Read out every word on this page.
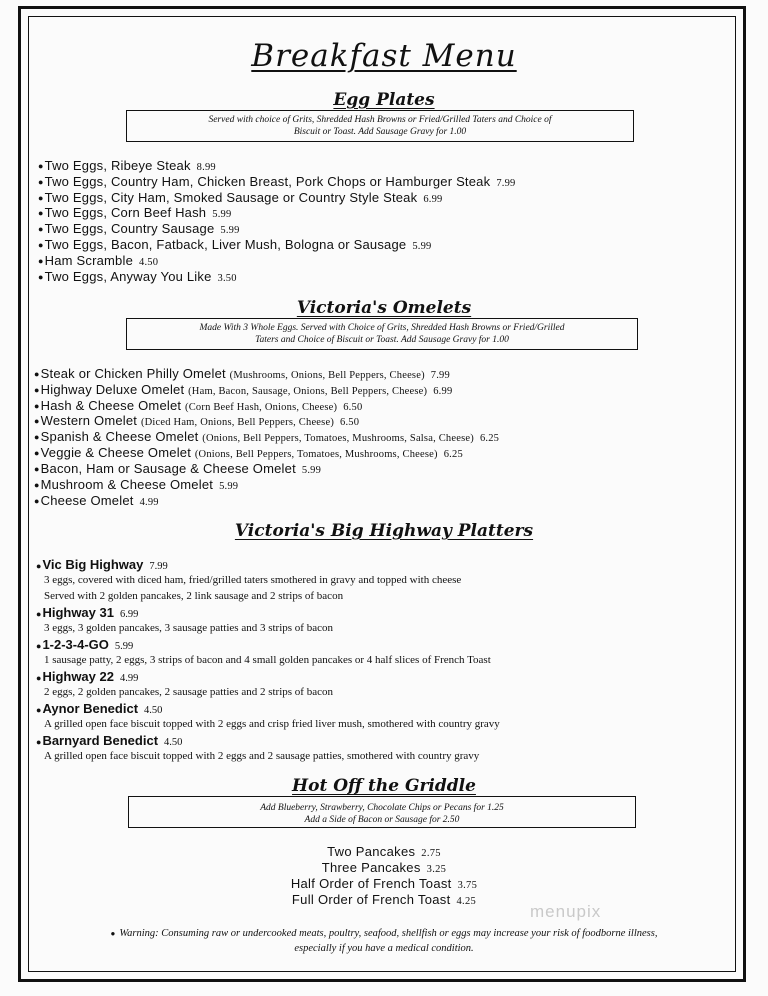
Breakfast Menu
Egg Plates
Served with choice of Grits, Shredded Hash Browns or Fried/Grilled Taters and Choice of
Biscuit or Toast. Add Sausage Gravy for 1.00
●Two Eggs, Ribeye Steak 8.99
●Two Eggs, Country Ham, Chicken Breast, Pork Chops or Hamburger Steak 7.99
●Two Eggs, City Ham, Smoked Sausage or Country Style Steak 6.99
●Two Eggs, Corn Beef Hash 5.99
●Two Eggs, Country Sausage 5.99
●Two Eggs, Bacon, Fatback, Liver Mush, Bologna or Sausage 5.99
●Ham Scramble 4.50
●Two Eggs, Anyway You Like 3.50
Victoria's Omelets
Made With 3 Whole Eggs. Served with Choice of Grits, Shredded Hash Browns or Fried/Grilled
Taters and Choice of Biscuit or Toast. Add Sausage Gravy for 1.00
●Steak or Chicken Philly Omelet (Mushrooms, Onions, Bell Peppers, Cheese) 7.99
●Highway Deluxe Omelet (Ham, Bacon, Sausage, Onions, Bell Peppers, Cheese) 6.99
●Hash & Cheese Omelet (Corn Beef Hash, Onions, Cheese) 6.50
●Western Omelet (Diced Ham, Onions, Bell Peppers, Cheese) 6.50
●Spanish & Cheese Omelet (Onions, Bell Peppers, Tomatoes, Mushrooms, Salsa, Cheese) 6.25
●Veggie & Cheese Omelet (Onions, Bell Peppers, Tomatoes, Mushrooms, Cheese) 6.25
●Bacon, Ham or Sausage & Cheese Omelet 5.99
●Mushroom & Cheese Omelet 5.99
●Cheese Omelet 4.99
Victoria's Big Highway Platters
●Vic Big Highway 7.99
3 eggs, covered with diced ham, fried/grilled taters smothered in gravy and topped with cheese
Served with 2 golden pancakes, 2 link sausage and 2 strips of bacon
●Highway 31 6.99
3 eggs, 3 golden pancakes, 3 sausage patties and 3 strips of bacon
●1-2-3-4-GO 5.99
1 sausage patty, 2 eggs, 3 strips of bacon and 4 small golden pancakes or 4 half slices of French Toast
●Highway 22 4.99
2 eggs, 2 golden pancakes, 2 sausage patties and 2 strips of bacon
●Aynor Benedict 4.50
A grilled open face biscuit topped with 2 eggs and crisp fried liver mush, smothered with country gravy
●Barnyard Benedict 4.50
A grilled open face biscuit topped with 2 eggs and 2 sausage patties, smothered with country gravy
Hot Off the Griddle
Add Blueberry, Strawberry, Chocolate Chips or Pecans for 1.25
Add a Side of Bacon or Sausage for 2.50
Two Pancakes 2.75
Three Pancakes 3.25
Half Order of French Toast 3.75
Full Order of French Toast 4.25
menupix
● Warning: Consuming raw or undercooked meats, poultry, seafood, shellfish or eggs may increase your risk of foodborne illness,
especially if you have a medical condition.
